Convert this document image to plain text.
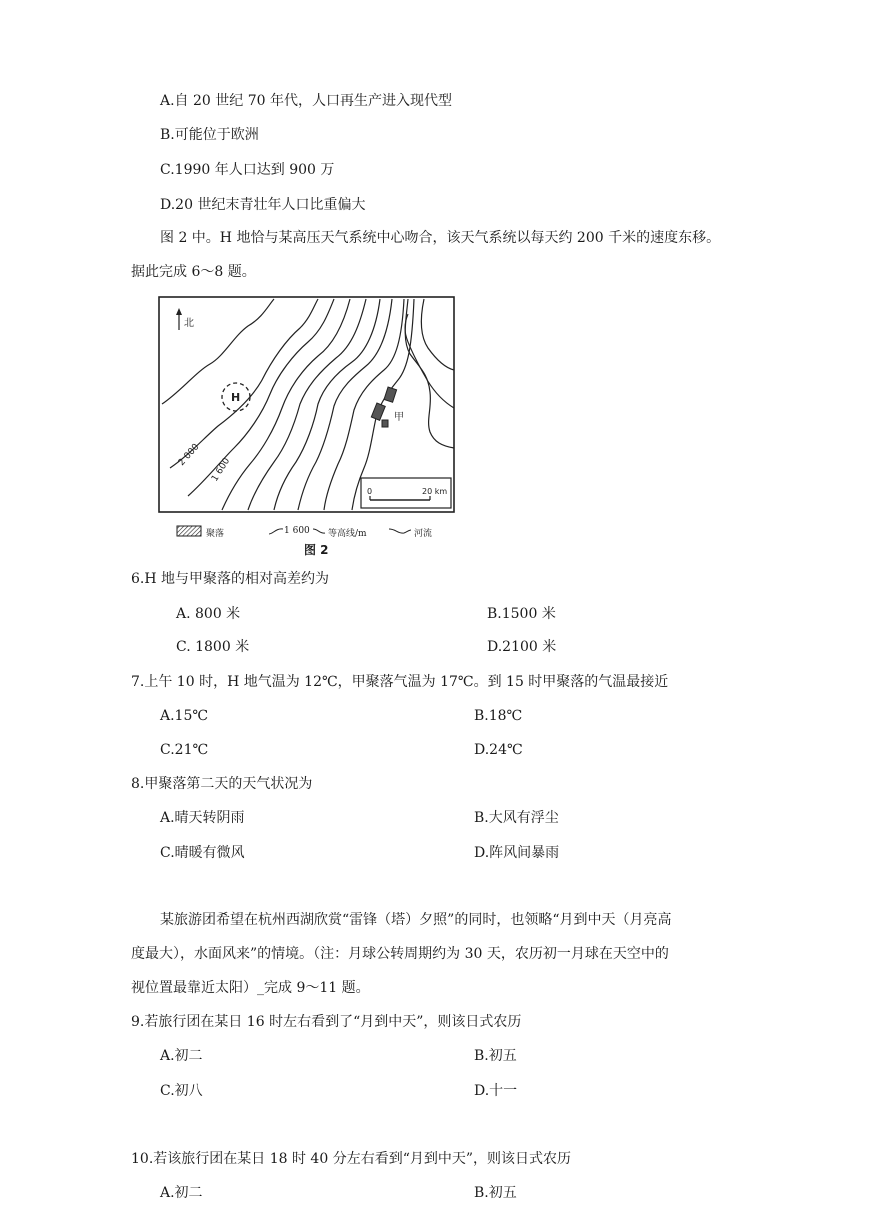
A.自 20 世纪 70 年代，人口再生产进入现代型
B.可能位于欧洲
C.1990 年人口达到 900 万
D.20 世纪末青壮年人口比重偏大
图 2 中。H 地恰与某高压天气系统中心吻合，该天气系统以每天约 200 千米的速度东移。
据此完成 6～8 题。
北
H
2 000
1 600
甲
0	20 km
聚落	1 600 等高线/m	河流
图 2
6.H 地与甲聚落的相对高差约为
A. 800 米	B.1500 米
C. 1800 米	D.2100 米
7.上午 10 时，H 地气温为 12℃，甲聚落气温为 17℃。到 15 时甲聚落的气温最接近
A.15℃	B.18℃
C.21℃	D.24℃
8.甲聚落第二天的天气状况为
A.晴天转阴雨	B.大风有浮尘
C.晴暖有微风	D.阵风间暴雨
某旅游团希望在杭州西湖欣赏“雷锋（塔）夕照”的同时，也领略“月到中天（月亮高
度最大），水面风来”的情境。（注：月球公转周期约为 30 天，农历初一月球在天空中的
视位置最靠近太阳）_完成 9～11 题。
9.若旅行团在某日 16 时左右看到了“月到中天”，则该日式农历
A.初二	B.初五
C.初八	D.十一
10.若该旅行团在某日 18 时 40 分左右看到“月到中天”，则该日式农历
A.初二	B.初五
